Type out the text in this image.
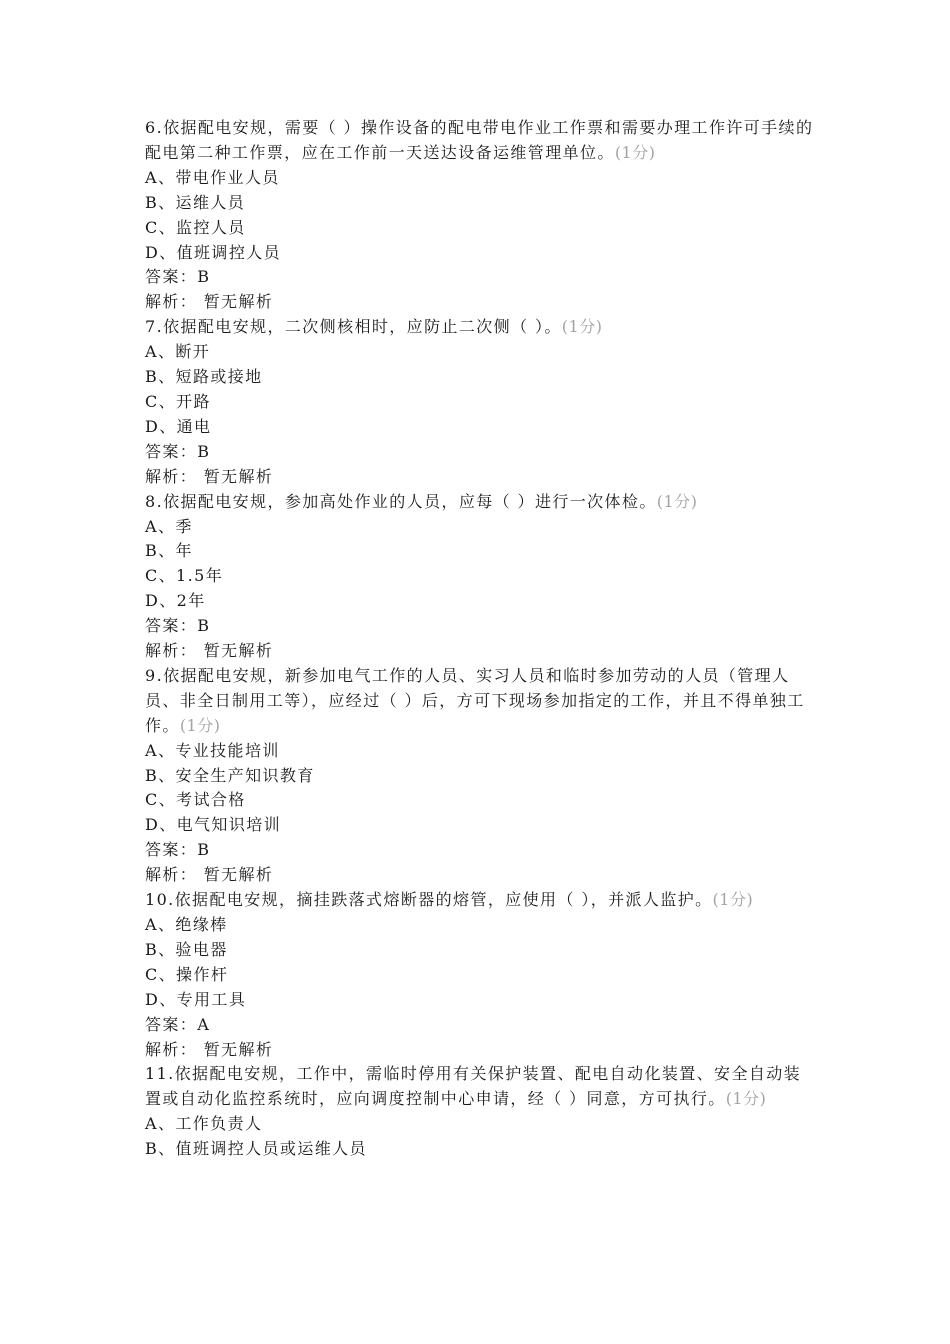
6.依据配电安规，需要（ ）操作设备的配电带电作业工作票和需要办理工作许可手续的配电第二种工作票，应在工作前一天送达设备运维管理单位。(1分)
A、带电作业人员
B、运维人员
C、监控人员
D、值班调控人员
答案：B
解析： 暂无解析
7.依据配电安规，二次侧核相时，应防止二次侧（ ）。(1分)
A、断开
B、短路或接地
C、开路
D、通电
答案：B
解析： 暂无解析
8.依据配电安规，参加高处作业的人员，应每（ ）进行一次体检。(1分)
A、季
B、年
C、1.5年
D、2年
答案：B
解析： 暂无解析
9.依据配电安规，新参加电气工作的人员、实习人员和临时参加劳动的人员（管理人员、非全日制用工等），应经过（ ）后，方可下现场参加指定的工作，并且不得单独工作。(1分)
A、专业技能培训
B、安全生产知识教育
C、考试合格
D、电气知识培训
答案：B
解析： 暂无解析
10.依据配电安规，摘挂跌落式熔断器的熔管，应使用（ ），并派人监护。(1分)
A、绝缘棒
B、验电器
C、操作杆
D、专用工具
答案：A
解析： 暂无解析
11.依据配电安规，工作中，需临时停用有关保护装置、配电自动化装置、安全自动装置或自动化监控系统时，应向调度控制中心申请，经（ ）同意，方可执行。(1分)
A、工作负责人
B、值班调控人员或运维人员
